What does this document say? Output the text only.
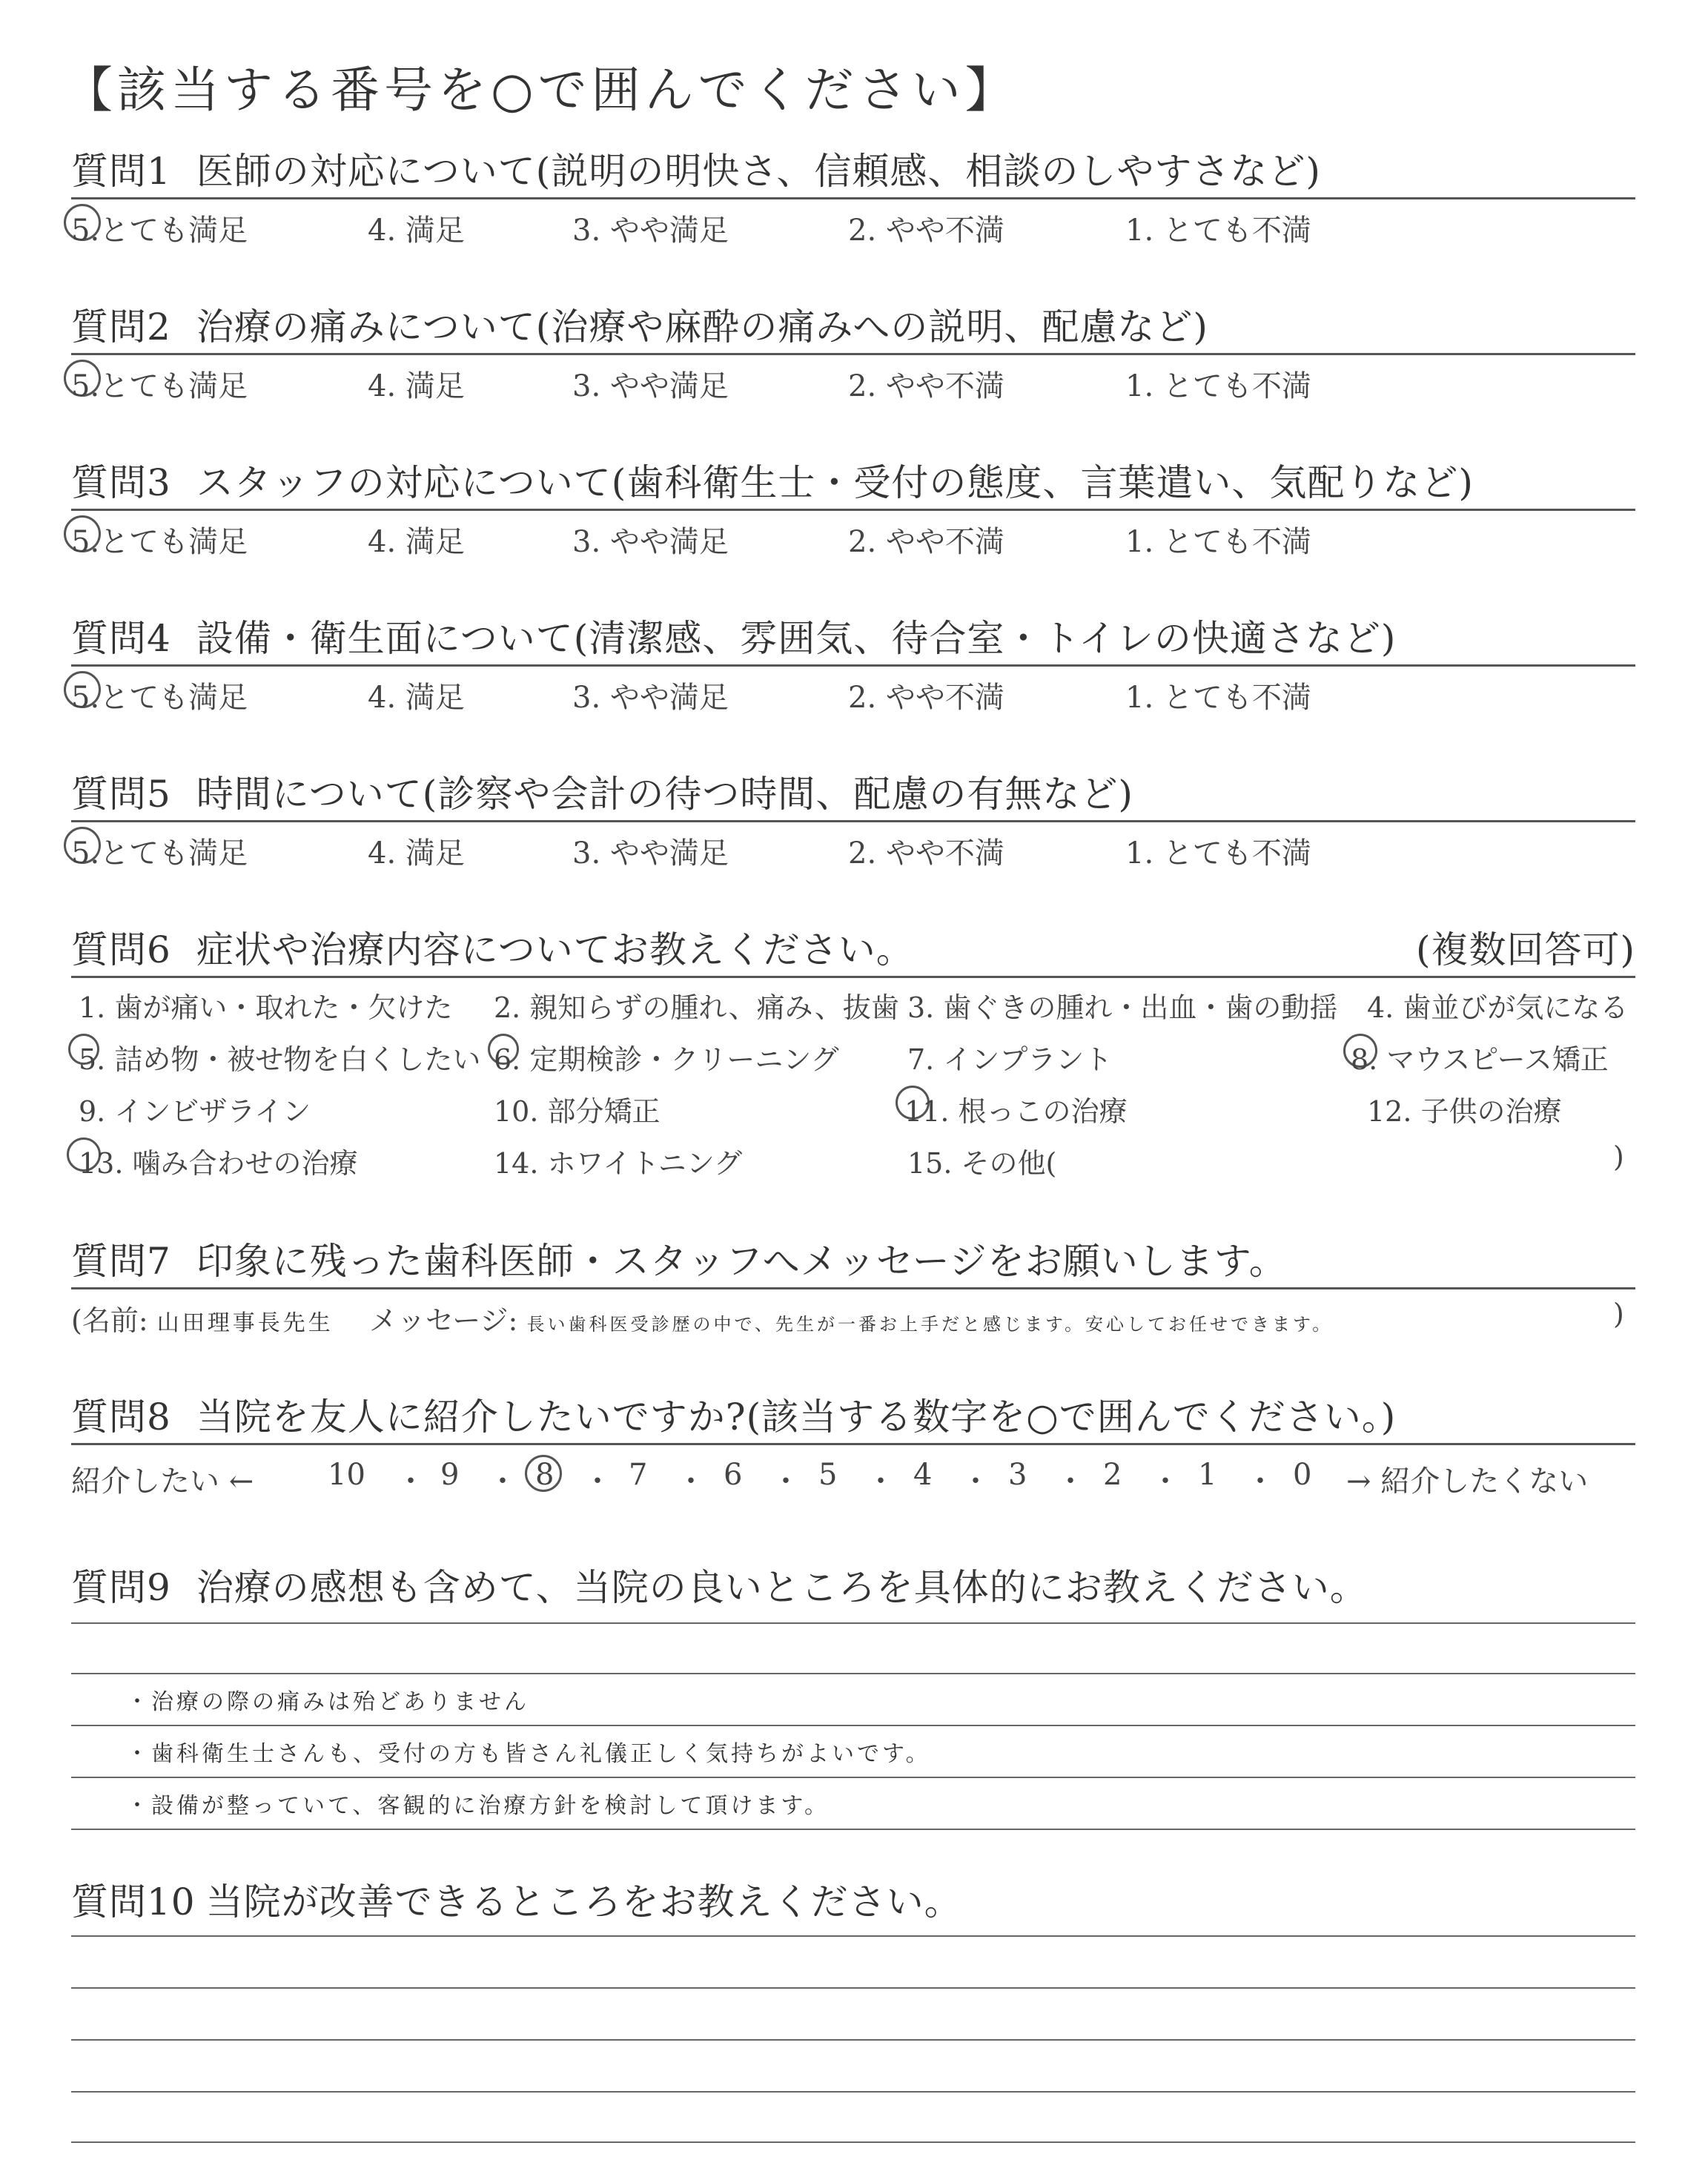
【該当する番号を○で囲んでください】
質問1 医師の対応について(説明の明快さ、信頼感、相談のしやすさなど)
5.とても満足	4. 満足	3. やや満足	2. やや不満	1. とても不満
質問2 治療の痛みについて(治療や麻酔の痛みへの説明、配慮など)
5.とても満足	4. 満足	3. やや満足	2. やや不満	1. とても不満
質問3 スタッフの対応について(歯科衛生士・受付の態度、言葉遣い、気配りなど)
5.とても満足	4. 満足	3. やや満足	2. やや不満	1. とても不満
質問4 設備・衛生面について(清潔感、雰囲気、待合室・トイレの快適さなど)
5.とても満足	4. 満足	3. やや満足	2. やや不満	1. とても不満
質問5 時間について(診察や会計の待つ時間、配慮の有無など)
5.とても満足	4. 満足	3. やや満足	2. やや不満	1. とても不満
質問6 症状や治療内容についてお教えください。	(複数回答可)
1. 歯が痛い・取れた・欠けた 2. 親知らずの腫れ、痛み、抜歯 3. 歯ぐきの腫れ・出血・歯の動揺 4. 歯並びが気になる
5. 詰め物・被せ物を白くしたい 6. 定期検診・クリーニング 7. インプラント	8. マウスピース矯正
9. インビザライン	10. 部分矯正	11. 根っこの治療	12. 子供の治療
13. 噛み合わせの治療	14. ホワイトニング	15. その他(	)
質問7 印象に残った歯科医師・スタッフへメッセージをお願いします。
(名前: 山田理事長先生 メッセージ: 長い歯科医受診歴の中で、先生が一番お上手だと感じます。安心してお任せできます。	)
質問8 当院を友人に紹介したいですか?(該当する数字を○で囲んでください。)
紹介したい ← 10 ・ 9 ・ 8 ・ 7 ・ 6 ・ 5 ・ 4 ・ 3 ・ 2 ・ 1 ・ 0 → 紹介したくない
質問9 治療の感想も含めて、当院の良いところを具体的にお教えください。
・治療の際の痛みは殆どありません
・歯科衛生士さんも、受付の方も皆さん礼儀正しく気持ちがよいです。
・設備が整っていて、客観的に治療方針を検討して頂けます。
質問10 当院が改善できるところをお教えください。
